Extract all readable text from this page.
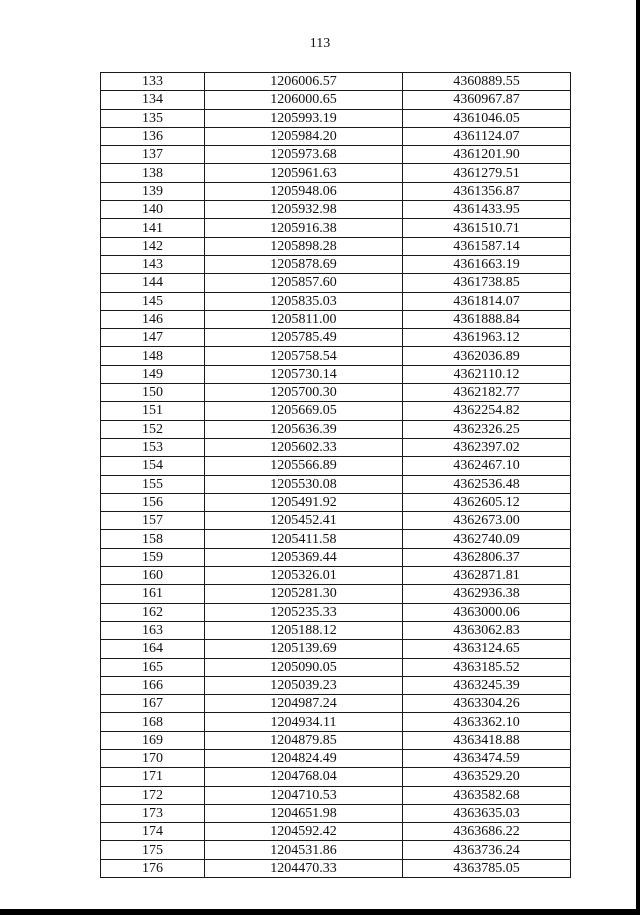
113
133	1206006.57	4360889.55
134	1206000.65	4360967.87
135	1205993.19	4361046.05
136	1205984.20	4361124.07
137	1205973.68	4361201.90
138	1205961.63	4361279.51
139	1205948.06	4361356.87
140	1205932.98	4361433.95
141	1205916.38	4361510.71
142	1205898.28	4361587.14
143	1205878.69	4361663.19
144	1205857.60	4361738.85
145	1205835.03	4361814.07
146	1205811.00	4361888.84
147	1205785.49	4361963.12
148	1205758.54	4362036.89
149	1205730.14	4362110.12
150	1205700.30	4362182.77
151	1205669.05	4362254.82
152	1205636.39	4362326.25
153	1205602.33	4362397.02
154	1205566.89	4362467.10
155	1205530.08	4362536.48
156	1205491.92	4362605.12
157	1205452.41	4362673.00
158	1205411.58	4362740.09
159	1205369.44	4362806.37
160	1205326.01	4362871.81
161	1205281.30	4362936.38
162	1205235.33	4363000.06
163	1205188.12	4363062.83
164	1205139.69	4363124.65
165	1205090.05	4363185.52
166	1205039.23	4363245.39
167	1204987.24	4363304.26
168	1204934.11	4363362.10
169	1204879.85	4363418.88
170	1204824.49	4363474.59
171	1204768.04	4363529.20
172	1204710.53	4363582.68
173	1204651.98	4363635.03
174	1204592.42	4363686.22
175	1204531.86	4363736.24
176	1204470.33	4363785.05
